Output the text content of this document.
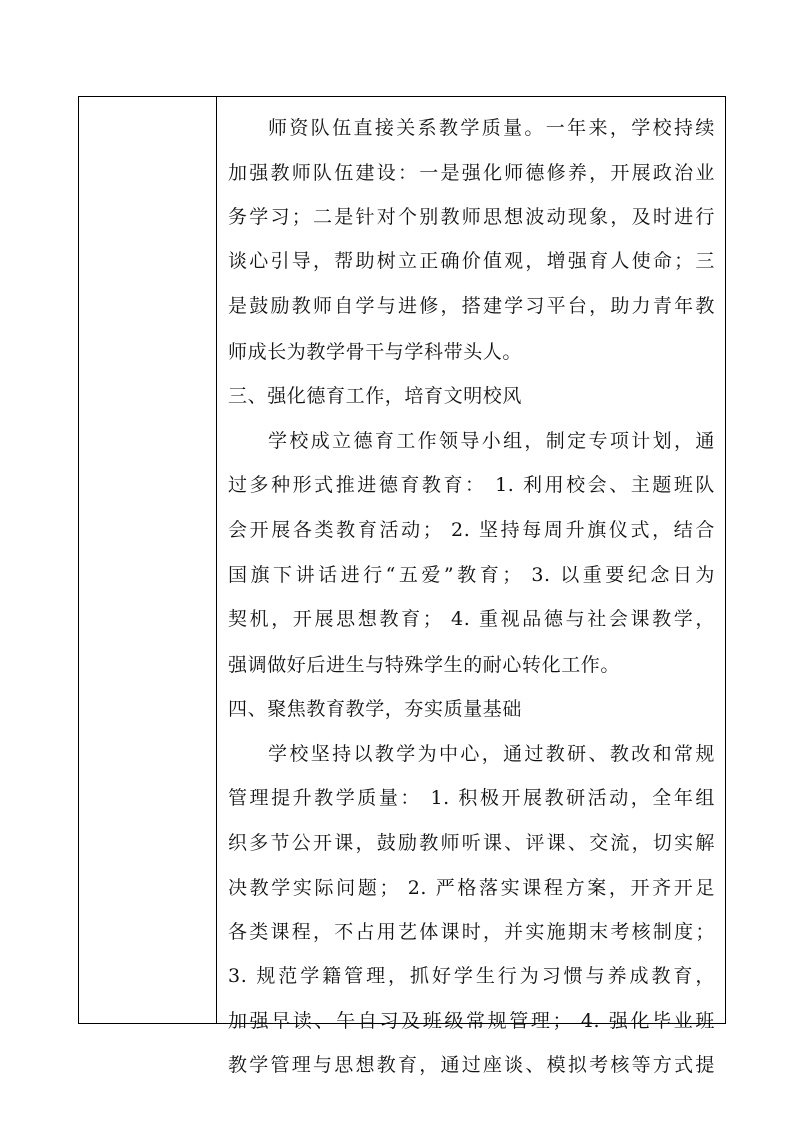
师资队伍直接关系教学质量。一年来，学校持续
加强教师队伍建设：一是强化师德修养，开展政治业
务学习；二是针对个别教师思想波动现象，及时进行
谈心引导，帮助树立正确价值观，增强育人使命；三
是鼓励教师自学与进修，搭建学习平台，助力青年教
师成长为教学骨干与学科带头人。
三、强化德育工作，培育文明校风
学校成立德育工作领导小组，制定专项计划，通
过多种形式推进德育教育： 1. 利用校会、主题班队
会开展各类教育活动； 2. 坚持每周升旗仪式，结合
国旗下讲话进行“五爱”教育； 3. 以重要纪念日为
契机，开展思想教育； 4. 重视品德与社会课教学，
强调做好后进生与特殊学生的耐心转化工作。
四、聚焦教育教学，夯实质量基础
学校坚持以教学为中心，通过教研、教改和常规
管理提升教学质量： 1. 积极开展教研活动，全年组
织多节公开课，鼓励教师听课、评课、交流，切实解
决教学实际问题； 2. 严格落实课程方案，开齐开足
各类课程，不占用艺体课时，并实施期末考核制度；
3. 规范学籍管理，抓好学生行为习惯与养成教育，
加强早读、午自习及班级常规管理； 4. 强化毕业班
教学管理与思想教育，通过座谈、模拟考核等方式提
